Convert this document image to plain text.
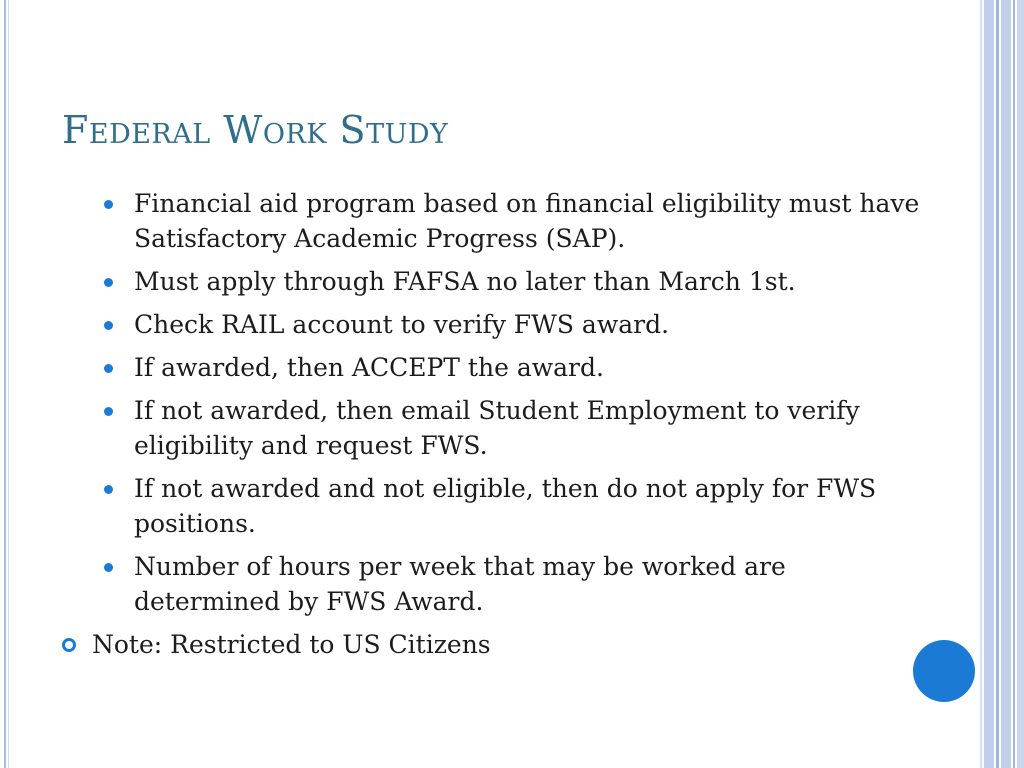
Federal Work Study
Financial aid program based on financial eligibility must have Satisfactory Academic Progress (SAP).
Must apply through FAFSA no later than March 1st.
Check RAIL account to verify FWS award.
If awarded, then ACCEPT the award.
If not awarded, then email Student Employment to verify eligibility and request FWS.
If not awarded and not eligible, then do not apply for FWS positions.
Number of hours per week that may be worked are determined by FWS Award.
Note: Restricted to US Citizens
